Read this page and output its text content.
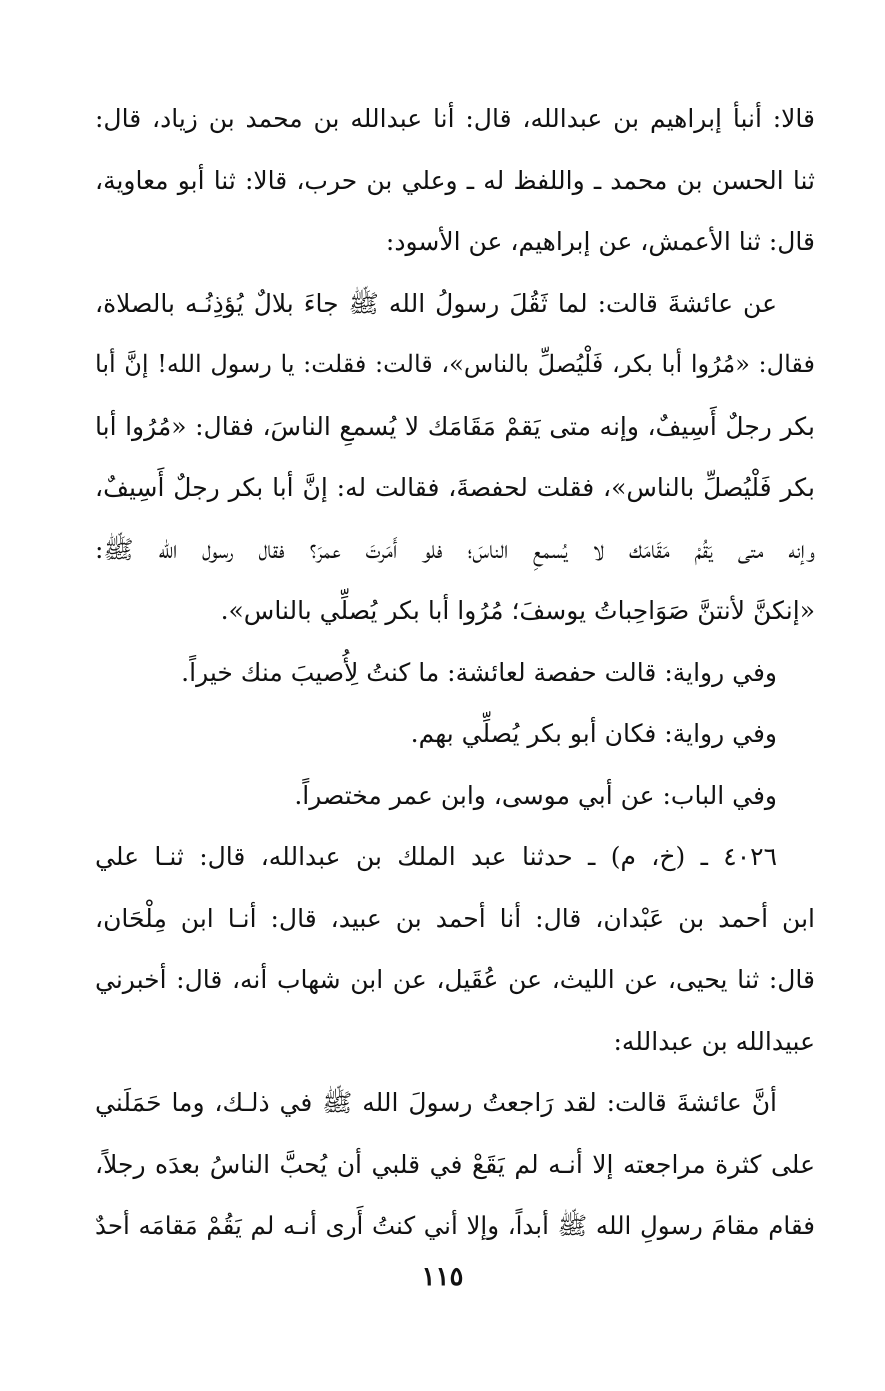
قالا: أنبأ إبراهيم بن عبدالله، قال: أنا عبدالله بن محمد بن زياد، قال:
ثنا الحسن بن محمد ـ واللفظ له ـ وعلي بن حرب، قالا: ثنا أبو معاوية،
قال: ثنا الأعمش، عن إبراهيم، عن الأسود:
عن عائشةَ قالت: لما ثَقُلَ رسولُ الله ﷺ جاءَ بلالٌ يُؤذِنُـه بالصلاة،
فقال: «مُرُوا أبا بكر، فَلْيُصلِّ بالناس»، قالت: فقلت: يا رسول الله! إنَّ أبا
بكر رجلٌ أَسِيفٌ، وإنه متى يَقمْ مَقَامَك لا يُسمعِ الناسَ، فقال: «مُرُوا أبا
بكر فَلْيُصلِّ بالناس»، فقلت لحفصةَ، فقالت له: إنَّ أبا بكر رجلٌ أَسِيفٌ،
وإنه متى يَقُمْ مَقَامَك لا يُسمعِ الناسَ؛ فلو أَمَرتَ عمرَ؟ فقال رسول الله ﷺ:
«إنكنَّ لأنتنَّ صَوَاحِباتُ يوسفَ؛ مُرُوا أبا بكر يُصلِّي بالناس».
وفي رواية: قالت حفصة لعائشة: ما كنتُ لِأُصيبَ منك خيراً.
وفي رواية: فكان أبو بكر يُصلِّي بهم.
وفي الباب: عن أبي موسى، وابن عمر مختصراً.
٤٠٢٦ ـ (خ، م) ـ حدثنا عبد الملك بن عبدالله، قال: ثنـا علي
ابن أحمد بن عَبْدان، قال: أنا أحمد بن عبيد، قال: أنـا ابن مِلْحَان،
قال: ثنا يحيى، عن الليث، عن عُقَيل، عن ابن شهاب أنه، قال: أخبرني
عبيدالله بن عبدالله:
أنَّ عائشةَ قالت: لقد رَاجعتُ رسولَ الله ﷺ في ذلـك، وما حَمَلَني
على كثرة مراجعته إلا أنـه لم يَقَعْ في قلبي أن يُحبَّ الناسُ بعدَه رجلاً،
فقام مقامَ رسولِ الله ﷺ أبداً، وإلا أني كنتُ أَرى أنـه لم يَقُمْ مَقامَه أحدٌ
١١٥
